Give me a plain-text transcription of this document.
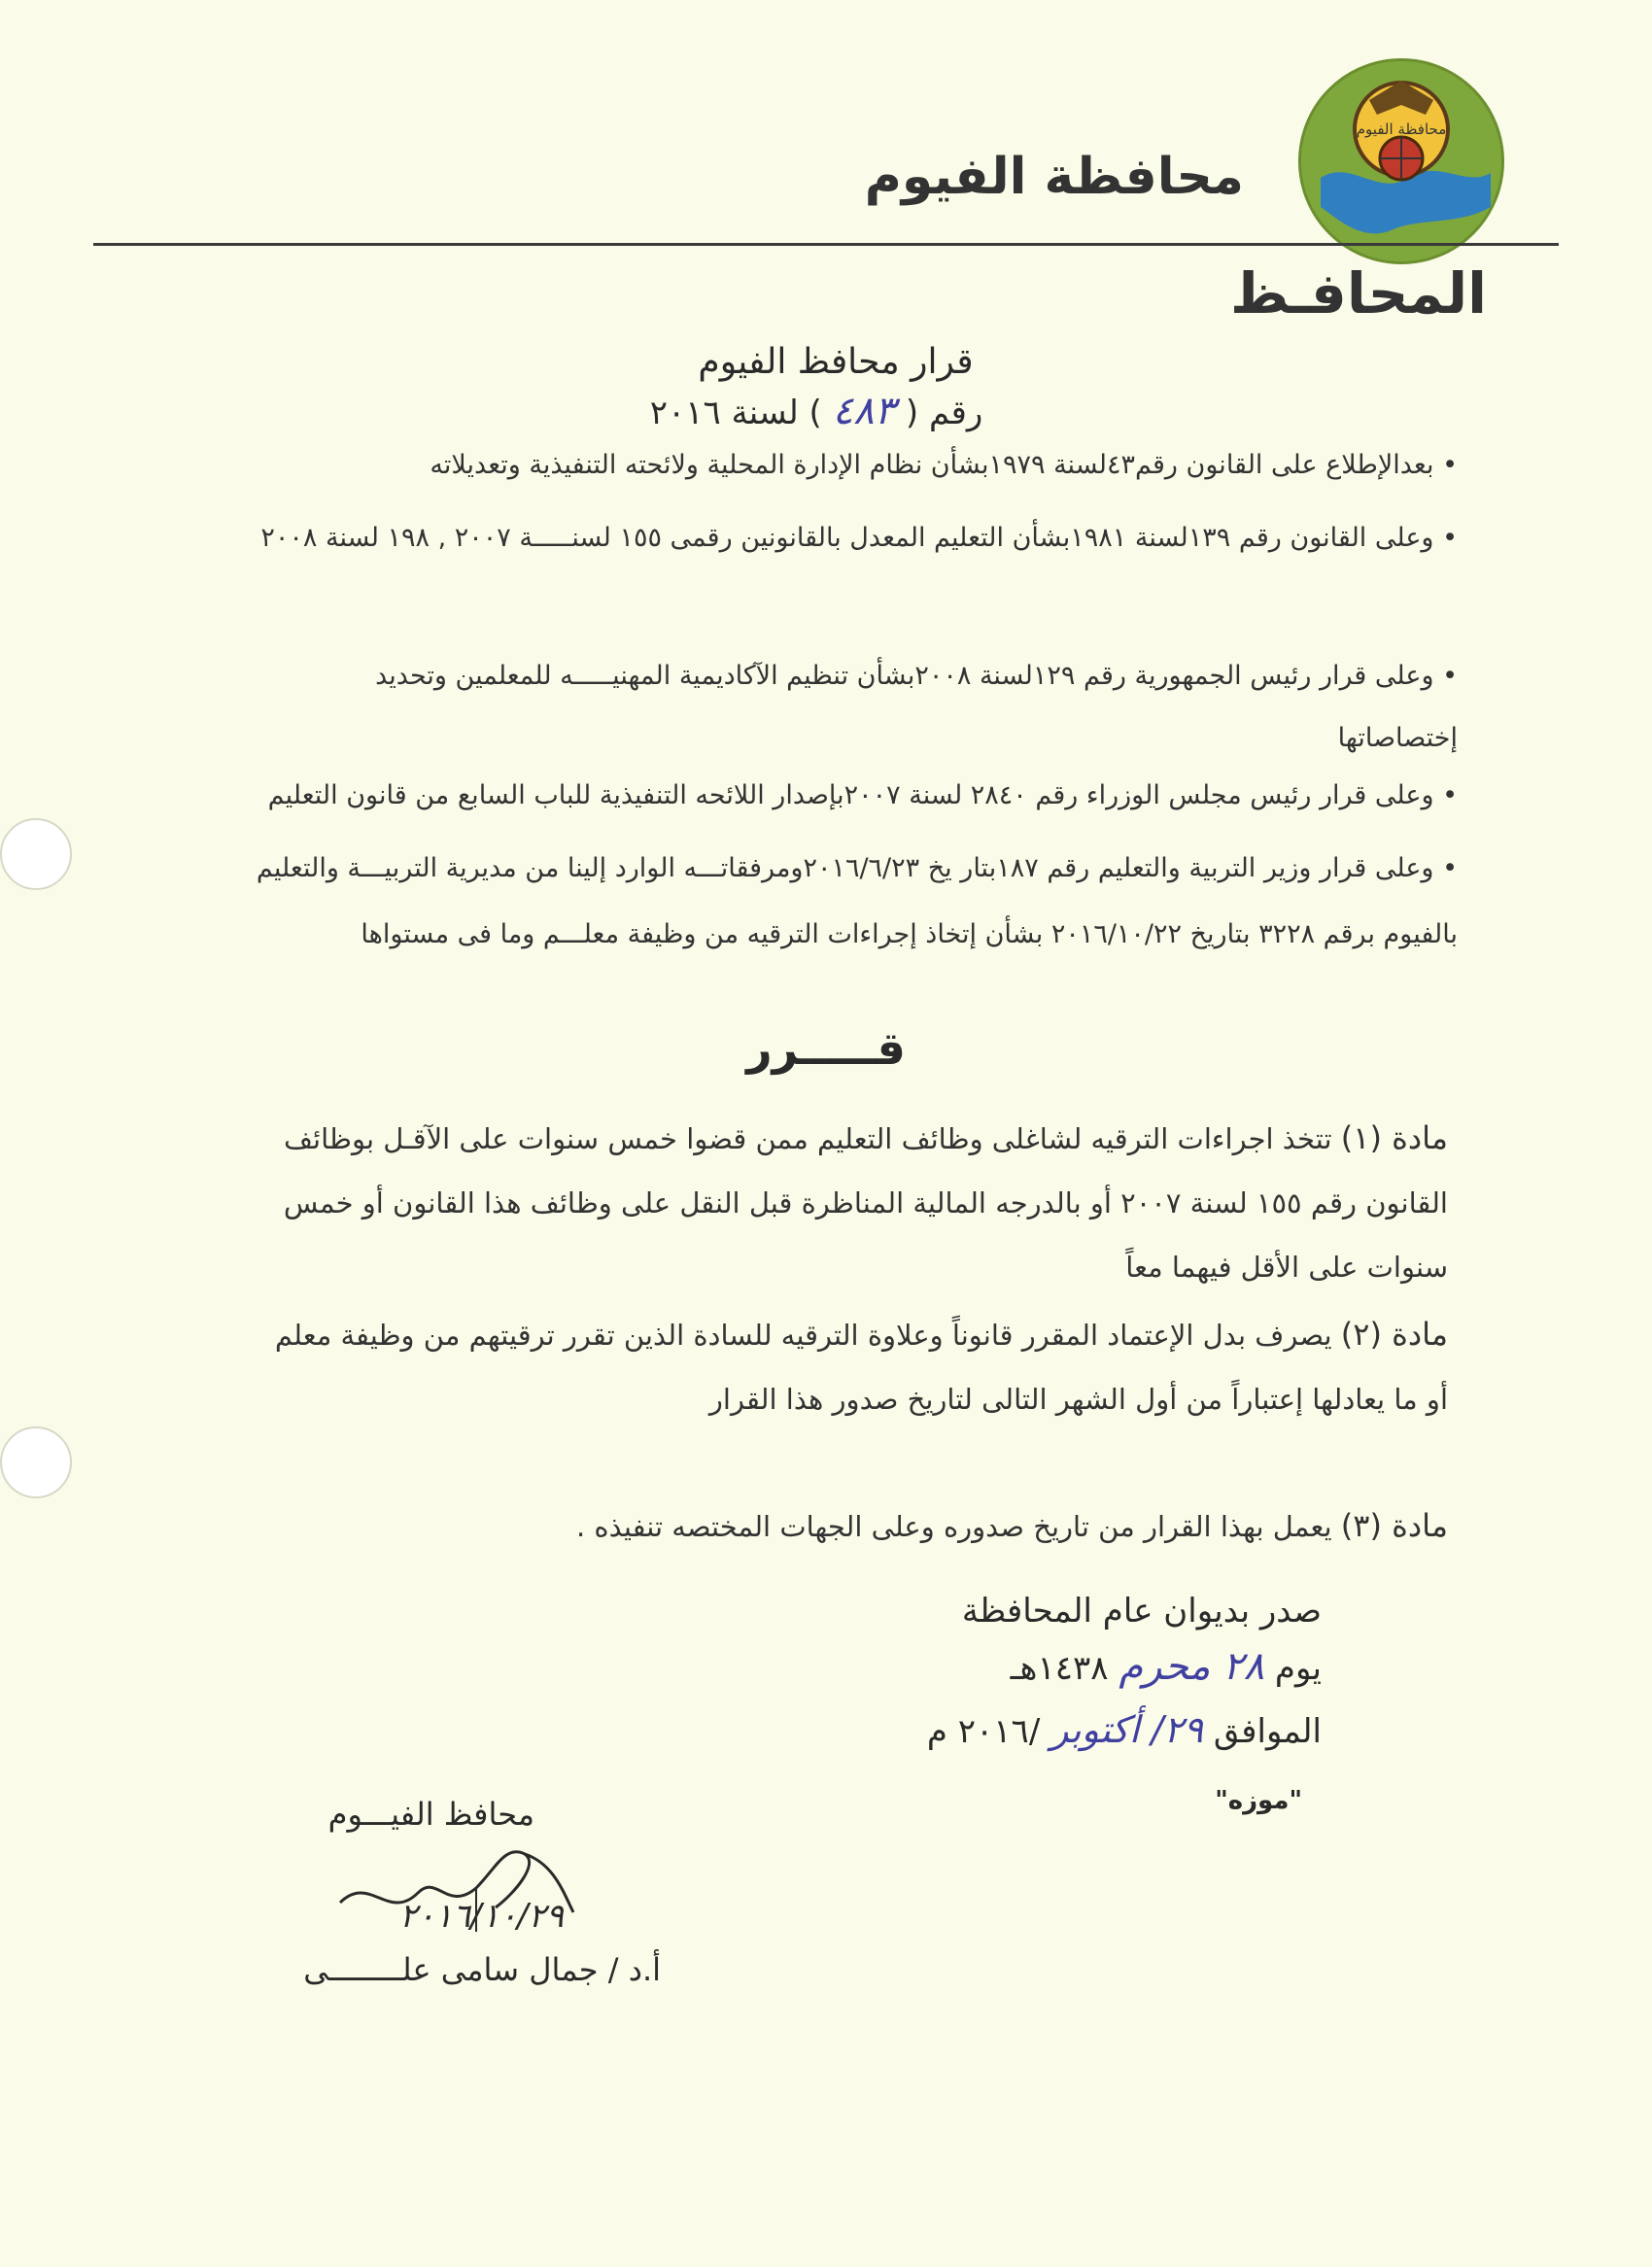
محافظة الفيوم
محافظة الفيوم
المحافـظ
قرار محافظ الفيوم
رقم ( ٤٨٣ ) لسنة ٢٠١٦
• بعدالإطلاع على القانون رقم٤٣لسنة ١٩٧٩بشأن نظام الإدارة المحلية ولائحته التنفيذية وتعديلاته
• وعلى القانون رقم ١٣٩لسنة ١٩٨١بشأن التعليم المعدل بالقانونين رقمى ١٥٥ لسنـــــة ٢٠٠٧ , ١٩٨ لسنة ٢٠٠٨
• وعلى قرار رئيس الجمهورية رقم ١٢٩لسنة ٢٠٠٨بشأن تنظيم الآكاديمية المهنيـــــه للمعلمين وتحديد إختصاصاتها
• وعلى قرار رئيس مجلس الوزراء رقم ٢٨٤٠ لسنة ٢٠٠٧بإصدار اللائحه التنفيذية للباب السابع من قانون التعليم
• وعلى قرار وزير التربية والتعليم رقم ١٨٧بتار يخ ٢٠١٦/٦/٢٣ومرفقاتـــه الوارد إلينا من مديرية التربيـــة والتعليم بالفيوم برقم ٣٢٢٨ بتاريخ ٢٠١٦/١٠/٢٢ بشأن إتخاذ إجراءات الترقيه من وظيفة معلـــم وما فى مستواها
قـــــرر
مادة (١) تتخذ اجراءات الترقيه لشاغلى وظائف التعليم ممن قضوا خمس سنوات على الآقـل بوظائف القانون رقم ١٥٥ لسنة ٢٠٠٧ أو بالدرجه المالية المناظرة قبل النقل على وظائف هذا القانون أو خمس سنوات على الأقل فيهما معاً
مادة (٢) يصرف بدل الإعتماد المقرر قانوناً وعلاوة الترقيه للسادة الذين تقرر ترقيتهم من وظيفة معلم أو ما يعادلها إعتباراً من أول الشهر التالى لتاريخ صدور هذا القرار
مادة (٣) يعمل بهذا القرار من تاريخ صدوره وعلى الجهات المختصه تنفيذه .
صدر بديوان عام المحافظة
يوم ٢٨ محرم ١٤٣٨هـ
الموافق ٢٩/ أكتوبر /٢٠١٦ م
"موزه"
محافظ الفيـــوم
٢٠١٦/١٠/٢٩
أ.د / جمال سامى علــــــــى
